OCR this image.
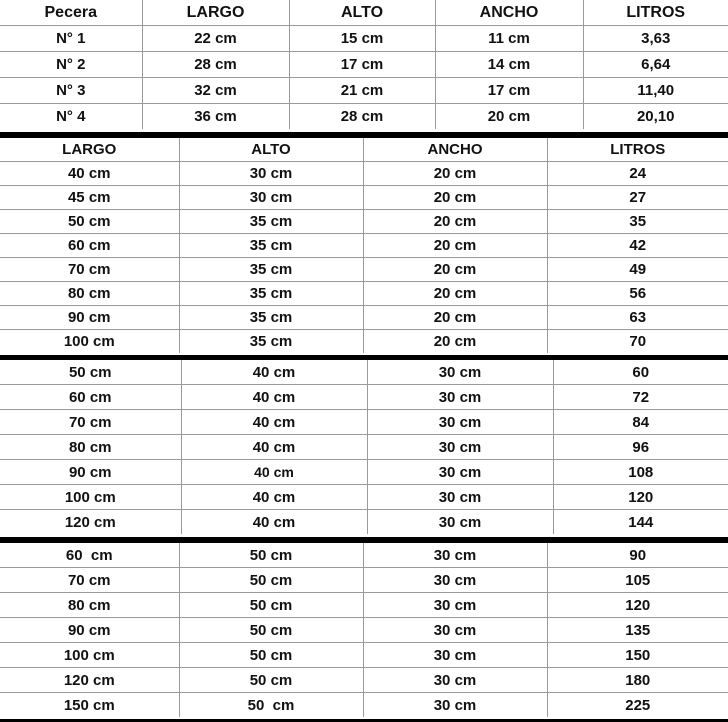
Pecera	LARGO	ALTO	ANCHO	LITROS
N° 1	22 cm	15 cm	11 cm	3,63
N° 2	28 cm	17 cm	14 cm	6,64
N° 3	32 cm	21 cm	17 cm	11,40
N° 4	36 cm	28 cm	20 cm	20,10
LARGO	ALTO	ANCHO	LITROS
40 cm	30 cm	20 cm	24
45 cm	30 cm	20 cm	27
50 cm	35 cm	20 cm	35
60 cm	35 cm	20 cm	42
70 cm	35 cm	20 cm	49
80 cm	35 cm	20 cm	56
90 cm	35 cm	20 cm	63
100 cm	35 cm	20 cm	70
50 cm	40 cm	30 cm	60
60 cm	40 cm	30 cm	72
70 cm	40 cm	30 cm	84
80 cm	40 cm	30 cm	96
90 cm	40 cm	30 cm	108
100 cm	40 cm	30 cm	120
120 cm	40 cm	30 cm	144
60  cm	50 cm	30 cm	90
70 cm	50 cm	30 cm	105
80 cm	50 cm	30 cm	120
90 cm	50 cm	30 cm	135
100 cm	50 cm	30 cm	150
120 cm	50 cm	30 cm	180
150 cm	50  cm	30 cm	225
